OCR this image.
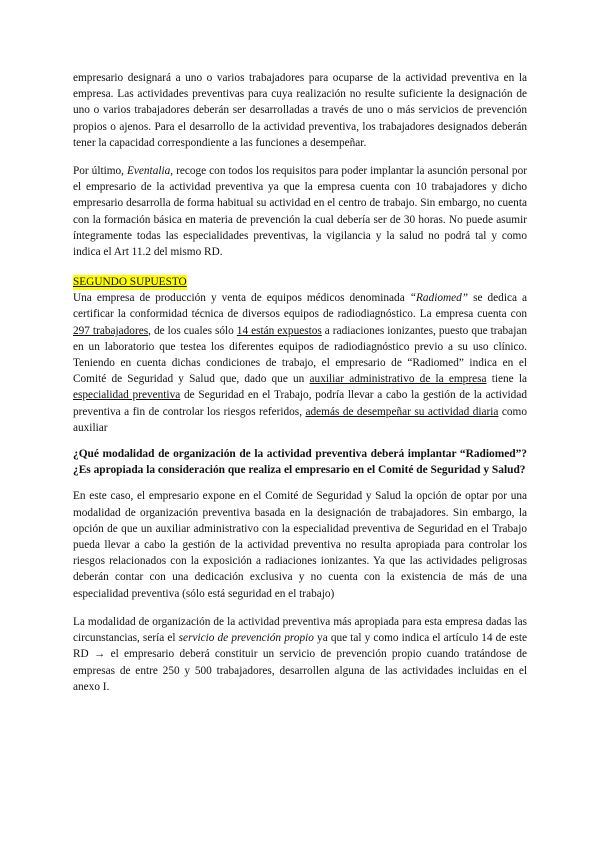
empresario designará a uno o varios trabajadores para ocuparse de la actividad preventiva en la empresa. Las actividades preventivas para cuya realización no resulte suficiente la designación de uno o varios trabajadores deberán ser desarrolladas a través de uno o más servicios de prevención propios o ajenos. Para el desarrollo de la actividad preventiva, los trabajadores designados deberán tener la capacidad correspondiente a las funciones a desempeñar.

Por último, Eventalia, recoge con todos los requisitos para poder implantar la asunción personal por el empresario de la actividad preventiva ya que la empresa cuenta con 10 trabajadores y dicho empresario desarrolla de forma habitual su actividad en el centro de trabajo. Sin embargo, no cuenta con la formación básica en materia de prevención la cual debería ser de 30 horas. No puede asumir íntegramente todas las especialidades preventivas, la vigilancia y la salud no podrá tal y como indica el Art 11.2 del mismo RD.

SEGUNDO SUPUESTO

Una empresa de producción y venta de equipos médicos denominada “Radiomed” se dedica a certificar la conformidad técnica de diversos equipos de radiodiagnóstico. La empresa cuenta con 297 trabajadores, de los cuales sólo 14 están expuestos a radiaciones ionizantes, puesto que trabajan en un laboratorio que testea los diferentes equipos de radiodiagnóstico previo a su uso clínico. Teniendo en cuenta dichas condiciones de trabajo, el empresario de “Radiomed” indica en el Comité de Seguridad y Salud que, dado que un auxiliar administrativo de la empresa tiene la especialidad preventiva de Seguridad en el Trabajo, podría llevar a cabo la gestión de la actividad preventiva a fin de controlar los riesgos referidos, además de desempeñar su actividad diaria como auxiliar

¿Qué modalidad de organización de la actividad preventiva deberá implantar “Radiomed”? ¿Es apropiada la consideración que realiza el empresario en el Comité de Seguridad y Salud?

En este caso, el empresario expone en el Comité de Seguridad y Salud la opción de optar por una modalidad de organización preventiva basada en la designación de trabajadores. Sin embargo, la opción de que un auxiliar administrativo con la especialidad preventiva de Seguridad en el Trabajo pueda llevar a cabo la gestión de la actividad preventiva no resulta apropiada para controlar los riesgos relacionados con la exposición a radiaciones ionizantes. Ya que las actividades peligrosas deberán contar con una dedicación exclusiva y no cuenta con la existencia de más de una especialidad preventiva (sólo está seguridad en el trabajo)

La modalidad de organización de la actividad preventiva más apropiada para esta empresa dadas las circunstancias, sería el servicio de prevención propio ya que tal y como indica el artículo 14 de este RD → el empresario deberá constituir un servicio de prevención propio cuando tratándose de empresas de entre 250 y 500 trabajadores, desarrollen alguna de las actividades incluidas en el anexo I.
